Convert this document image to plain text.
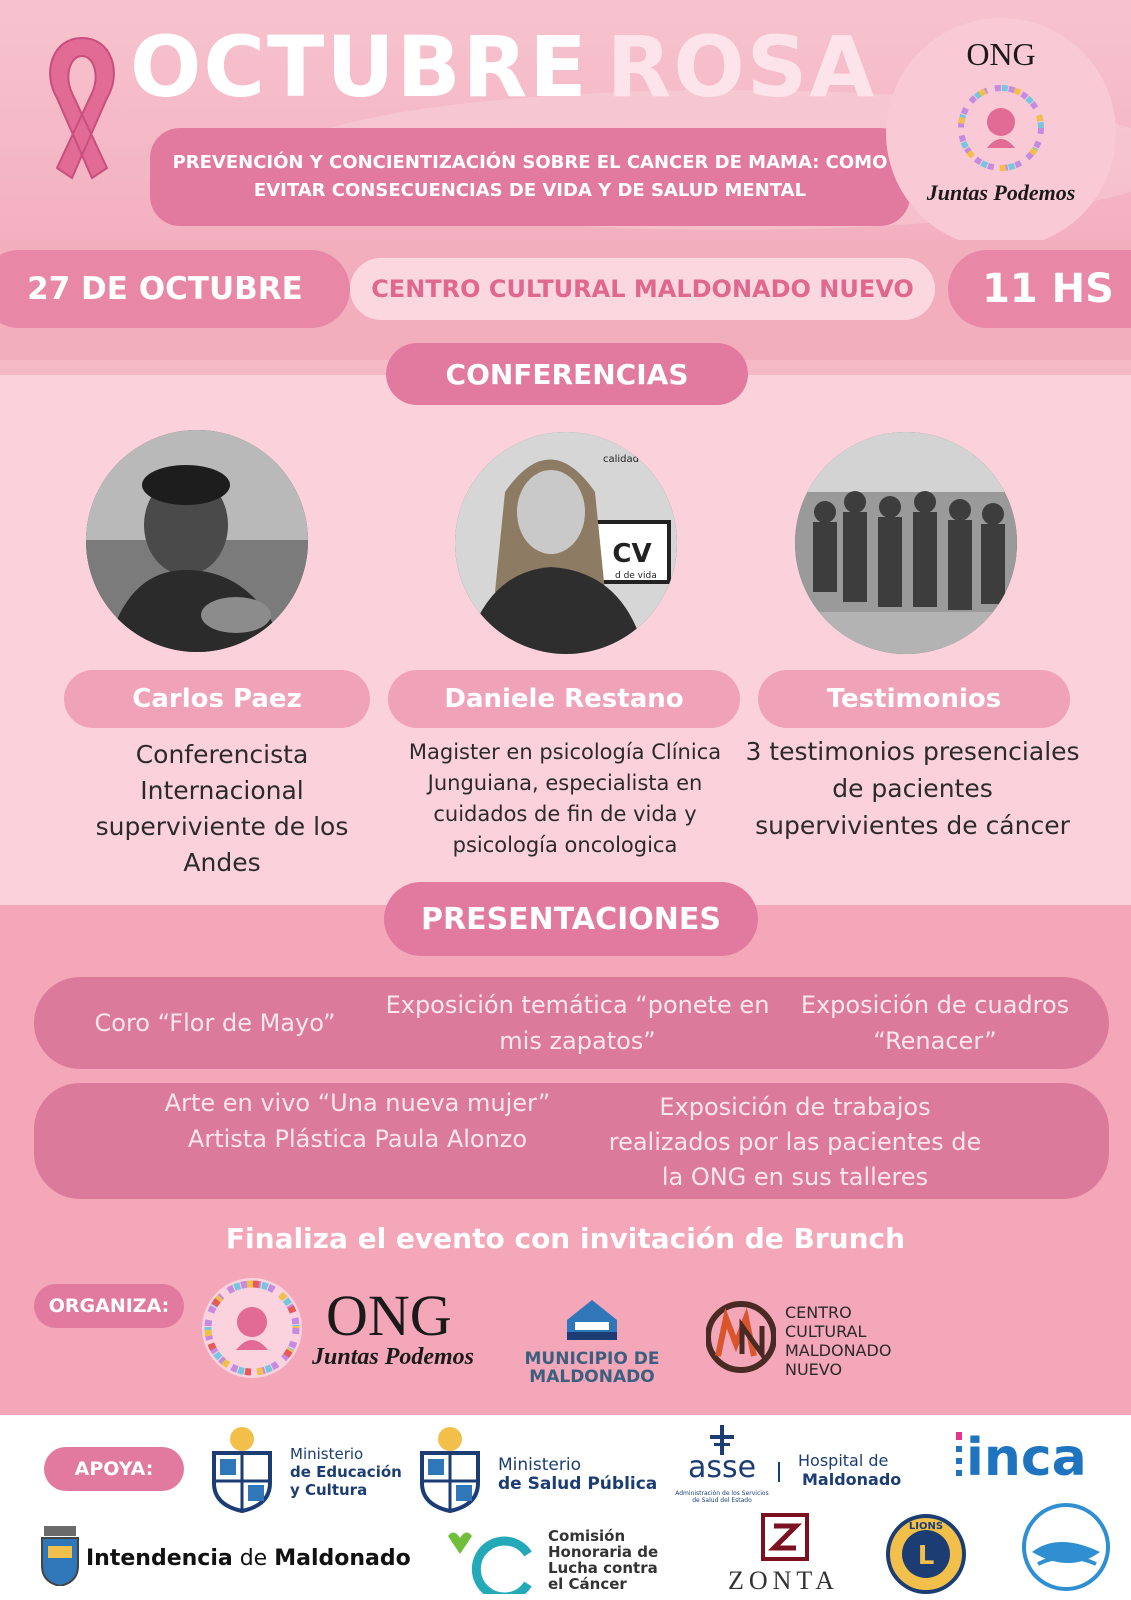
OCTUBRE ROSA
PREVENCIÓN Y CONCIENTIZACIÓN SOBRE EL CANCER DE MAMA: COMO EVITAR CONSECUENCIAS DE VIDA Y DE SALUD MENTAL
ONG
Juntas Podemos
27 DE OCTUBRE	CENTRO CULTURAL MALDONADO NUEVO 11 HS
CONFERENCIAS
CV
calidad de
d de vida
Carlos Paez	Daniele Restano	Testimonios
Conferencista Internacional superviviente de los Andes
Magister en psicología Clínica Junguiana, especialista en cuidados de fin de vida y psicología oncologica
3 testimonios presenciales de pacientes supervivientes de cáncer
PRESENTACIONES
Coro “Flor de Mayo”
Exposición temática “ponete en mis zapatos”
Exposición de cuadros “Renacer”
Arte en vivo “Una nueva mujer” Artista Plástica Paula Alonzo
Exposición de trabajos realizados por las pacientes de la ONG en sus talleres
Finaliza el evento con invitación de Brunch
ORGANIZA:	ONG
Juntas Podemos	MUNICIPIO DE MALDONADO
CENTRO CULTURAL MALDONADO NUEVO
APOYA:
Ministerio
de Educación
y Cultura
Ministerio
de Salud Pública asse
Administración de los Servicios de Salud del Estado
Hospital de
Maldonado inca
Intendencia de Maldonado
Comisión Honoraria de Lucha contra el Cáncer	ZONTA
L
LIONS
